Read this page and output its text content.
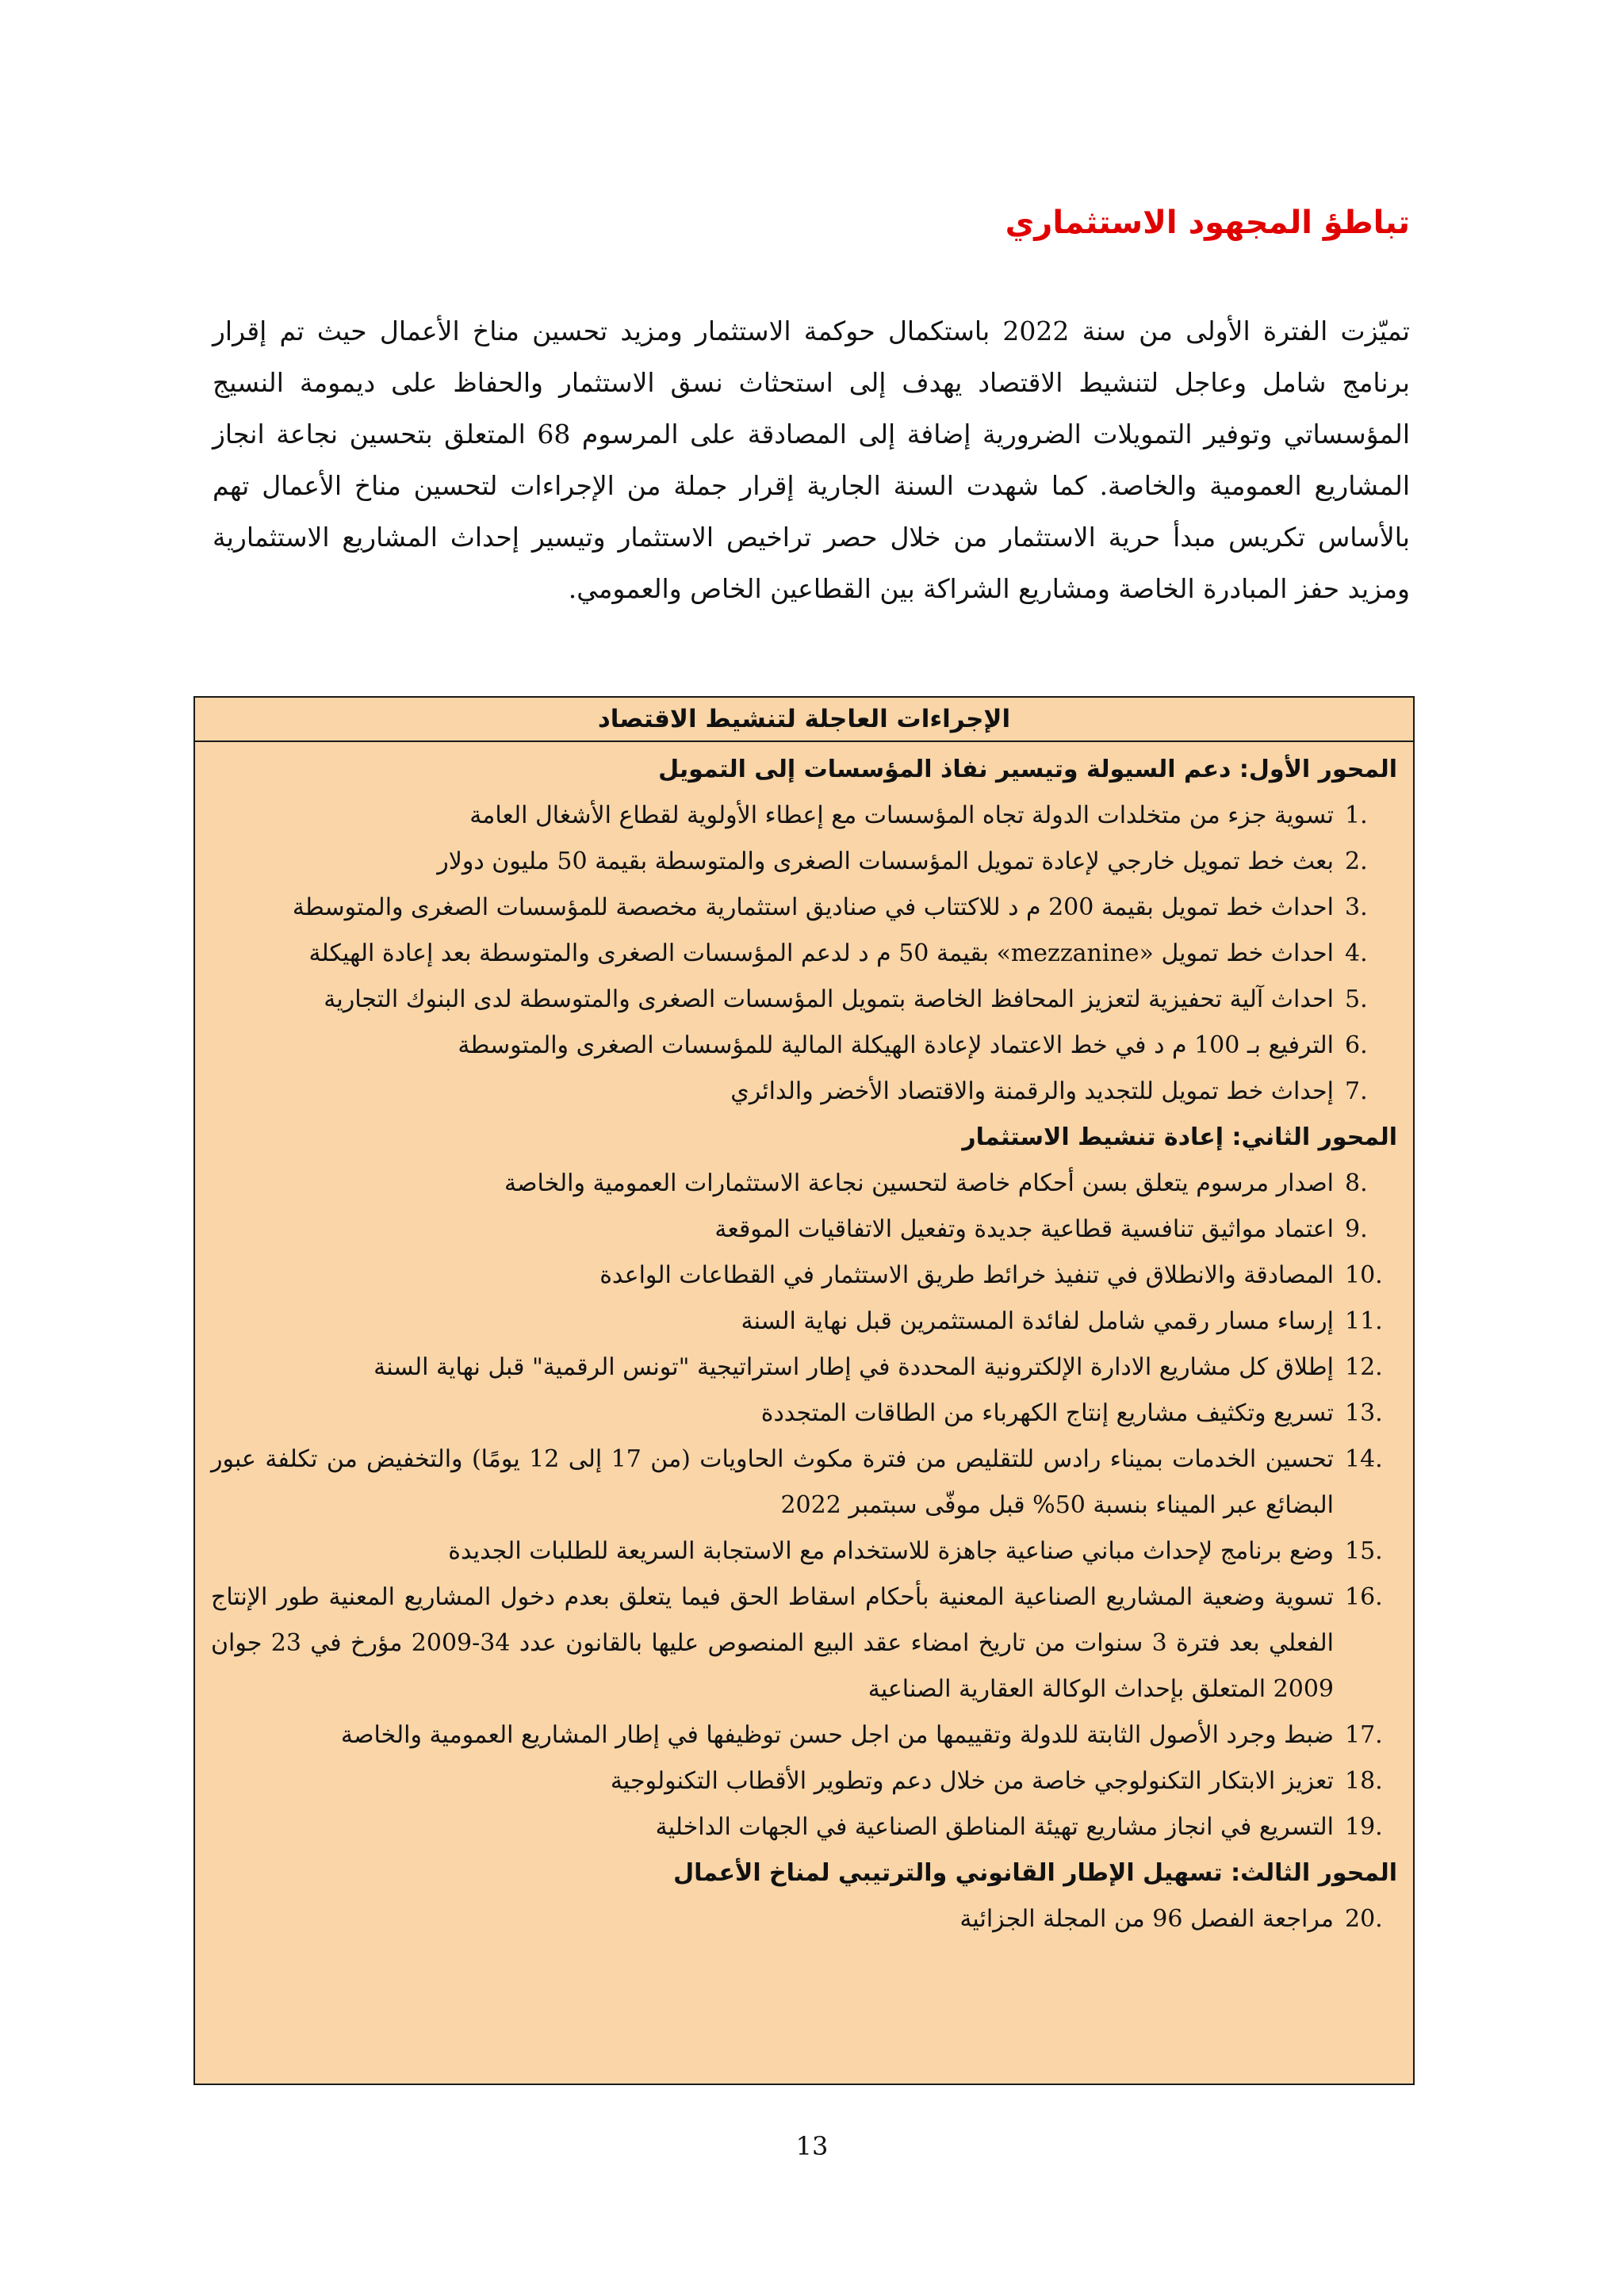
تباطؤ المجهود الاستثماري

تميّزت الفترة الأولى من سنة 2022 باستكمال حوكمة الاستثمار ومزيد تحسين مناخ الأعمال حيث تم إقرار برنامج شامل وعاجل لتنشيط الاقتصاد يهدف إلى استحثاث نسق الاستثمار والحفاظ على ديمومة النسيج المؤسساتي وتوفير التمويلات الضرورية إضافة إلى المصادقة على المرسوم 68 المتعلق بتحسين نجاعة انجاز المشاريع العمومية والخاصة. كما شهدت السنة الجارية إقرار جملة من الإجراءات لتحسين مناخ الأعمال تهم بالأساس تكريس مبدأ حرية الاستثمار من خلال حصر تراخيص الاستثمار وتيسير إحداث المشاريع الاستثمارية ومزيد حفز المبادرة الخاصة ومشاريع الشراكة بين القطاعين الخاص والعمومي.

الإجراءات العاجلة لتنشيط الاقتصاد

المحور الأول: دعم السيولة وتيسير نفاذ المؤسسات إلى التمويل

1.
تسوية جزء من متخلدات الدولة تجاه المؤسسات مع إعطاء الأولوية لقطاع الأشغال العامة
2.
بعث خط تمويل خارجي لإعادة تمويل المؤسسات الصغرى والمتوسطة بقيمة 50 مليون دولار
3.
احداث خط تمويل بقيمة 200 م د للاكتتاب في صناديق استثمارية مخصصة للمؤسسات الصغرى والمتوسطة
4.
احداث خط تمويل «mezzanine» بقيمة 50 م د لدعم المؤسسات الصغرى والمتوسطة بعد إعادة الهيكلة
5.
احداث آلية تحفيزية لتعزيز المحافظ الخاصة بتمويل المؤسسات الصغرى والمتوسطة لدى البنوك التجارية
6.
الترفيع بـ 100 م د في خط الاعتماد لإعادة الهيكلة المالية للمؤسسات الصغرى والمتوسطة
7.
إحداث خط تمويل للتجديد والرقمنة والاقتصاد الأخضر والدائري

المحور الثاني: إعادة تنشيط الاستثمار

8.
اصدار مرسوم يتعلق بسن أحكام خاصة لتحسين نجاعة الاستثمارات العمومية والخاصة
9.
اعتماد مواثيق تنافسية قطاعية جديدة وتفعيل الاتفاقيات الموقعة
10.
المصادقة والانطلاق في تنفيذ خرائط طريق الاستثمار في القطاعات الواعدة
11.
إرساء مسار رقمي شامل لفائدة المستثمرين قبل نهاية السنة
12.
إطلاق كل مشاريع الادارة الإلكترونية المحددة في إطار استراتيجية "تونس الرقمية" قبل نهاية السنة
13.
تسريع وتكثيف مشاريع إنتاج الكهرباء من الطاقات المتجددة
14.
تحسين الخدمات بميناء رادس للتقليص من فترة مكوث الحاويات (من 17 إلى 12 يومًا) والتخفيض من تكلفة عبور البضائع عبر الميناء بنسبة 50% قبل موفّى سبتمبر 2022
15.
وضع برنامج لإحداث مباني صناعية جاهزة للاستخدام مع الاستجابة السريعة للطلبات الجديدة
16.
تسوية وضعية المشاريع الصناعية المعنية بأحكام اسقاط الحق فيما يتعلق بعدم دخول المشاريع المعنية طور الإنتاج الفعلي بعد فترة 3 سنوات من تاريخ امضاء عقد البيع المنصوص عليها بالقانون عدد 34-2009 مؤرخ في 23 جوان 2009 المتعلق بإحداث الوكالة العقارية الصناعية
17.
ضبط وجرد الأصول الثابتة للدولة وتقييمها من اجل حسن توظيفها في إطار المشاريع العمومية والخاصة
18.
تعزيز الابتكار التكنولوجي خاصة من خلال دعم وتطوير الأقطاب التكنولوجية
19.
التسريع في انجاز مشاريع تهيئة المناطق الصناعية في الجهات الداخلية

المحور الثالث: تسهيل الإطار القانوني والترتيبي لمناخ الأعمال

20.
مراجعة الفصل 96 من المجلة الجزائية
13
